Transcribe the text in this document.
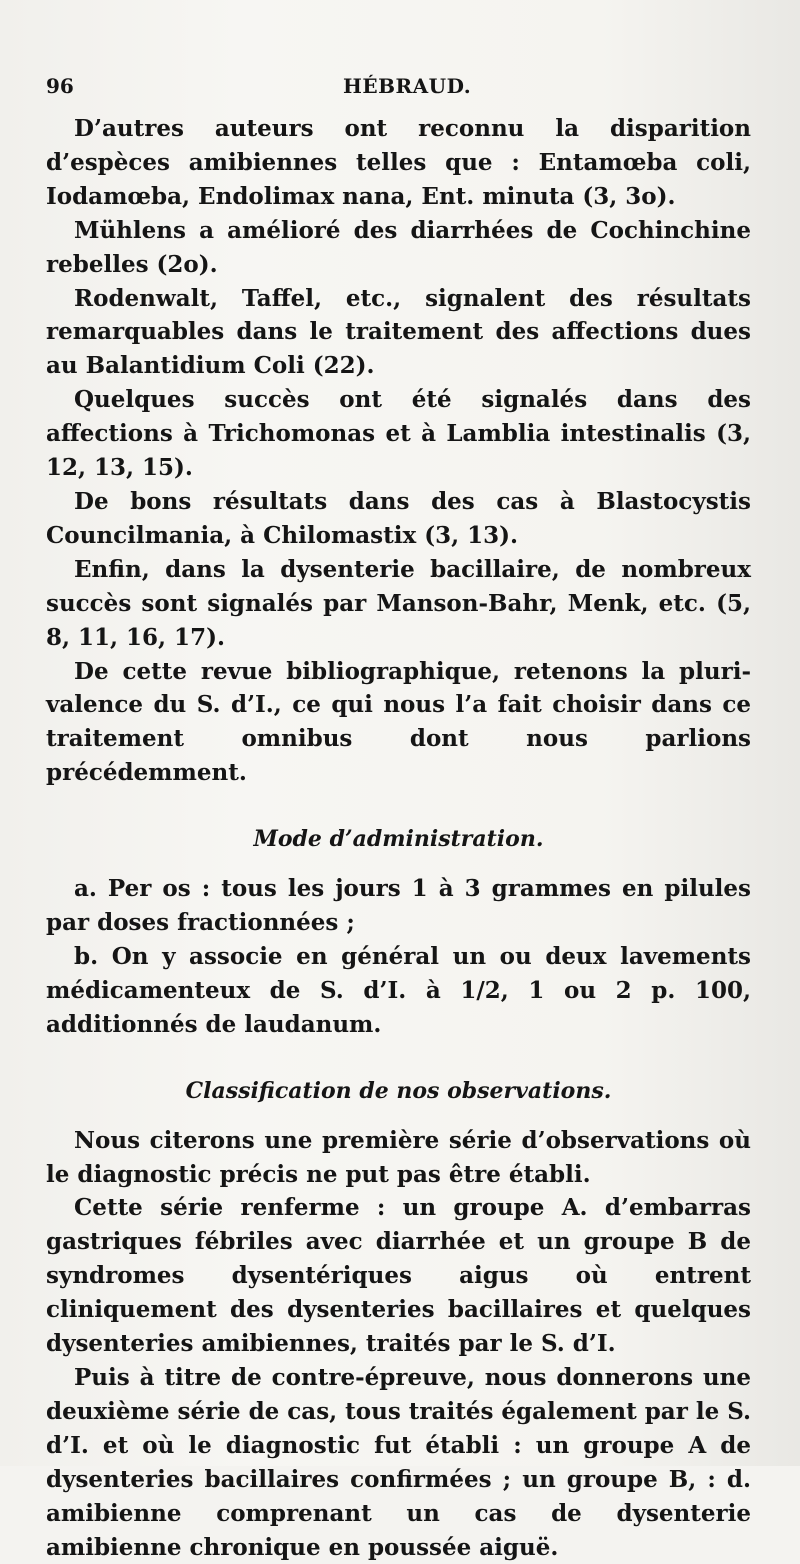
96	HÉBRAUD.

D’autres auteurs ont reconnu la disparition d’espèces amibiennes telles que : Entamœba coli, Iodamœba, Endolimax nana, Ent. minuta (3, 3o).

Mühlens a amélioré des diarrhées de Cochinchine rebelles (2o).

Rodenwalt, Taffel, etc., signalent des résultats remarquables dans le traitement des affections dues au Balantidium Coli (22).

Quelques succès ont été signalés dans des affections à Trichomonas et à Lamblia intestinalis (3, 12, 13, 15).

De bons résultats dans des cas à Blastocystis Councilmania, à Chilomastix (3, 13).

Enfin, dans la dysenterie bacillaire, de nombreux succès sont signalés par Manson-Bahr, Menk, etc. (5, 8, 11, 16, 17).

De cette revue bibliographique, retenons la pluri-valence du S. d’I., ce qui nous l’a fait choisir dans ce traitement omnibus dont nous parlions précédemment.

Mode d’administration.

a. Per os : tous les jours 1 à 3 grammes en pilules par doses fractionnées ;

b. On y associe en général un ou deux lavements médicamenteux de S. d’I. à 1/2, 1 ou 2 p. 100, additionnés de laudanum.

Classification de nos observations.

Nous citerons une première série d’observations où le diagnostic précis ne put pas être établi.

Cette série renferme : un groupe A. d’embarras gastriques fébriles avec diarrhée et un groupe B de syndromes dysentériques aigus où entrent cliniquement des dysenteries bacillaires et quelques dysenteries amibiennes, traités par le S. d’I.

Puis à titre de contre-épreuve, nous donnerons une deuxième série de cas, tous traités également par le S. d’I. et où le diagnostic fut établi : un groupe A de dysenteries bacillaires confirmées ; un groupe B, : d. amibienne comprenant un cas de dysenterie amibienne chronique en poussée aiguë.
